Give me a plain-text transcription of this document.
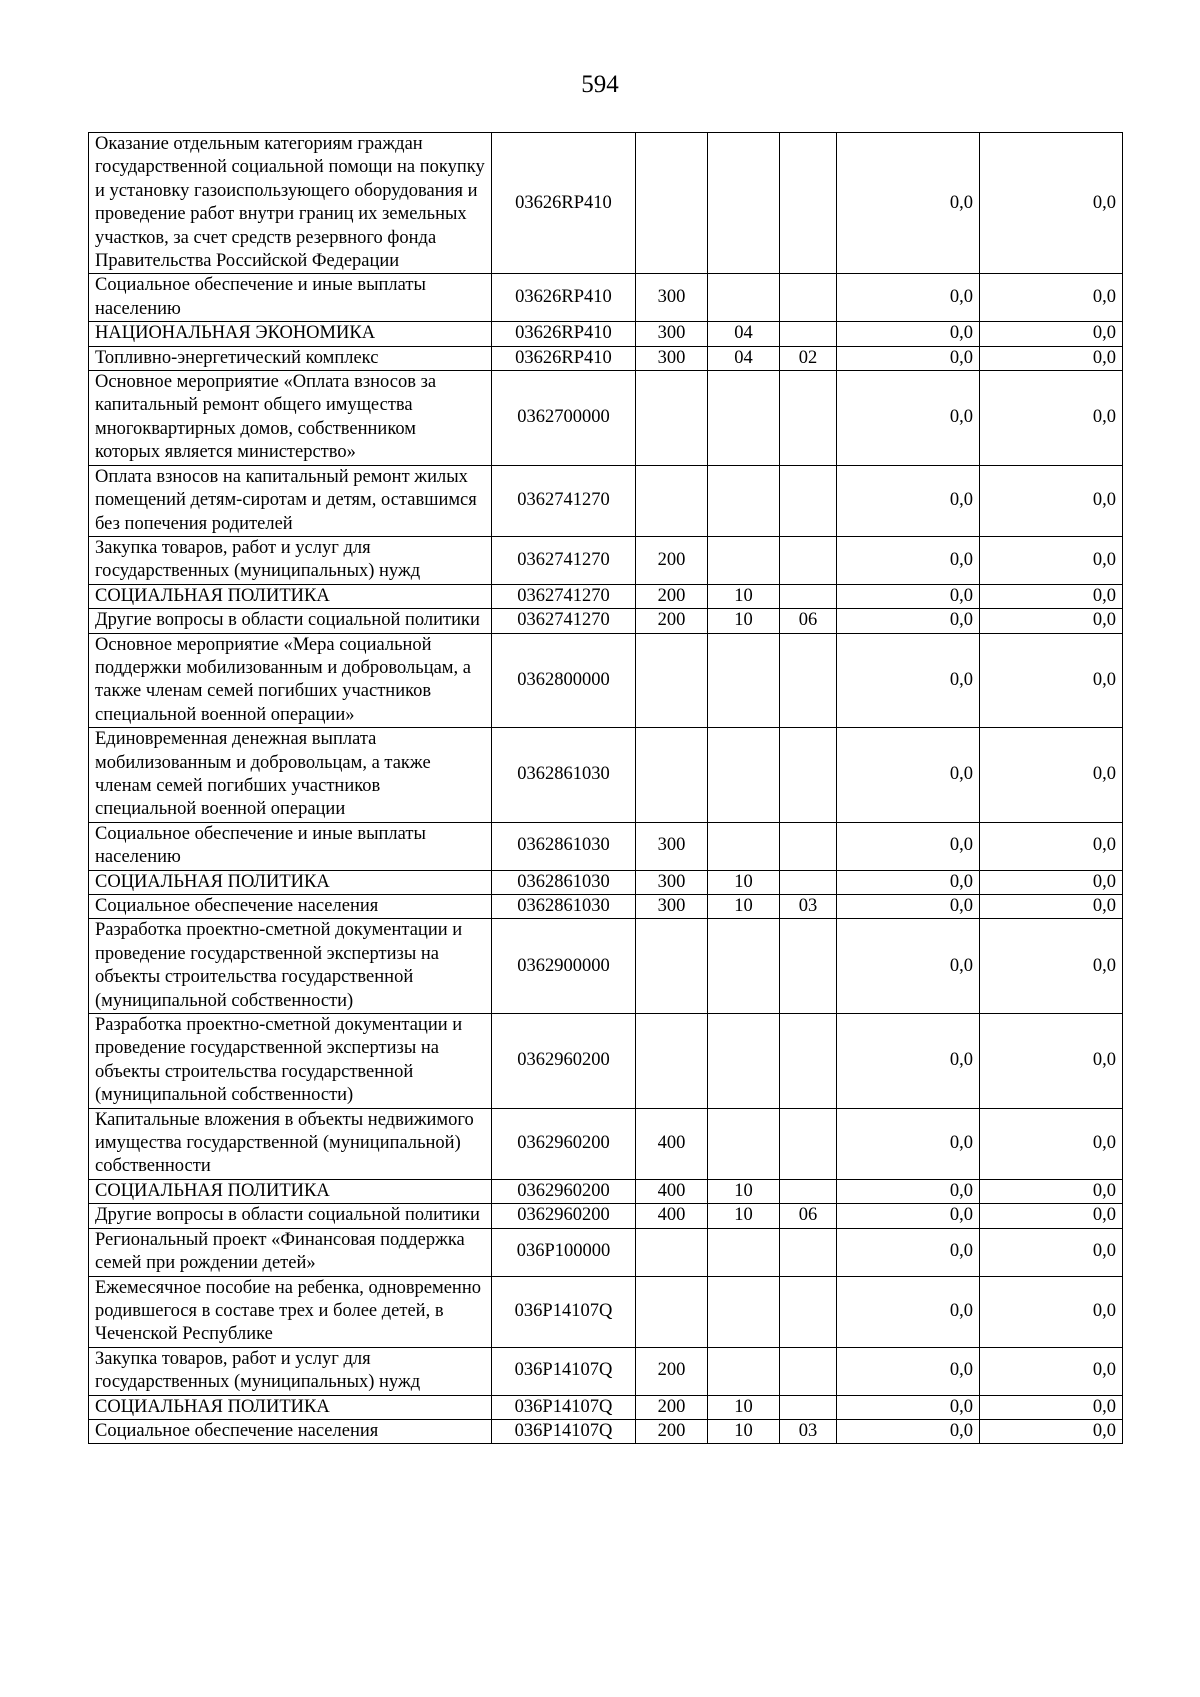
594
Оказание отдельным категориям граждан государственной социальной помощи на покупку и установку газоиспользующего оборудования и проведение работ внутри границ их земельных участков, за счет средств резервного фонда Правительства Российской Федерации	03626RP410				0,0	0,0
Социальное обеспечение и иные выплаты населению	03626RP410	300			0,0	0,0
НАЦИОНАЛЬНАЯ ЭКОНОМИКА	03626RP410	300	04		0,0	0,0
Топливно-энергетический комплекс	03626RP410	300	04	02	0,0	0,0
Основное мероприятие «Оплата взносов за капитальный ремонт общего имущества многоквартирных домов, собственником которых является министерство»	0362700000				0,0	0,0
Оплата взносов на капитальный ремонт жилых помещений детям-сиротам и детям, оставшимся без попечения родителей	0362741270				0,0	0,0
Закупка товаров, работ и услуг для государственных (муниципальных) нужд	0362741270	200			0,0	0,0
СОЦИАЛЬНАЯ ПОЛИТИКА	0362741270	200	10		0,0	0,0
Другие вопросы в области социальной политики	0362741270	200	10	06	0,0	0,0
Основное мероприятие «Мера социальной поддержки мобилизованным и добровольцам, а также членам семей погибших участников специальной военной операции»	0362800000				0,0	0,0
Единовременная денежная выплата мобилизованным и добровольцам, а также членам семей погибших участников специальной военной операции	0362861030				0,0	0,0
Социальное обеспечение и иные выплаты населению	0362861030	300			0,0	0,0
СОЦИАЛЬНАЯ ПОЛИТИКА	0362861030	300	10		0,0	0,0
Социальное обеспечение населения	0362861030	300	10	03	0,0	0,0
Разработка проектно-сметной документации и проведение государственной экспертизы на объекты строительства государственной (муниципальной собственности)	0362900000				0,0	0,0
Разработка проектно-сметной документации и проведение государственной экспертизы на объекты строительства государственной (муниципальной собственности)	0362960200				0,0	0,0
Капитальные вложения в объекты недвижимого имущества государственной (муниципальной) собственности	0362960200	400			0,0	0,0
СОЦИАЛЬНАЯ ПОЛИТИКА	0362960200	400	10		0,0	0,0
Другие вопросы в области социальной политики	0362960200	400	10	06	0,0	0,0
Региональный проект «Финансовая поддержка семей при рождении детей»	036P100000				0,0	0,0
Ежемесячное пособие на ребенка, одновременно родившегося в составе трех и более детей, в Чеченской Республике	036P14107Q				0,0	0,0
Закупка товаров, работ и услуг для государственных (муниципальных) нужд	036P14107Q	200			0,0	0,0
СОЦИАЛЬНАЯ ПОЛИТИКА	036P14107Q	200	10		0,0	0,0
Социальное обеспечение населения	036P14107Q	200	10	03	0,0	0,0
